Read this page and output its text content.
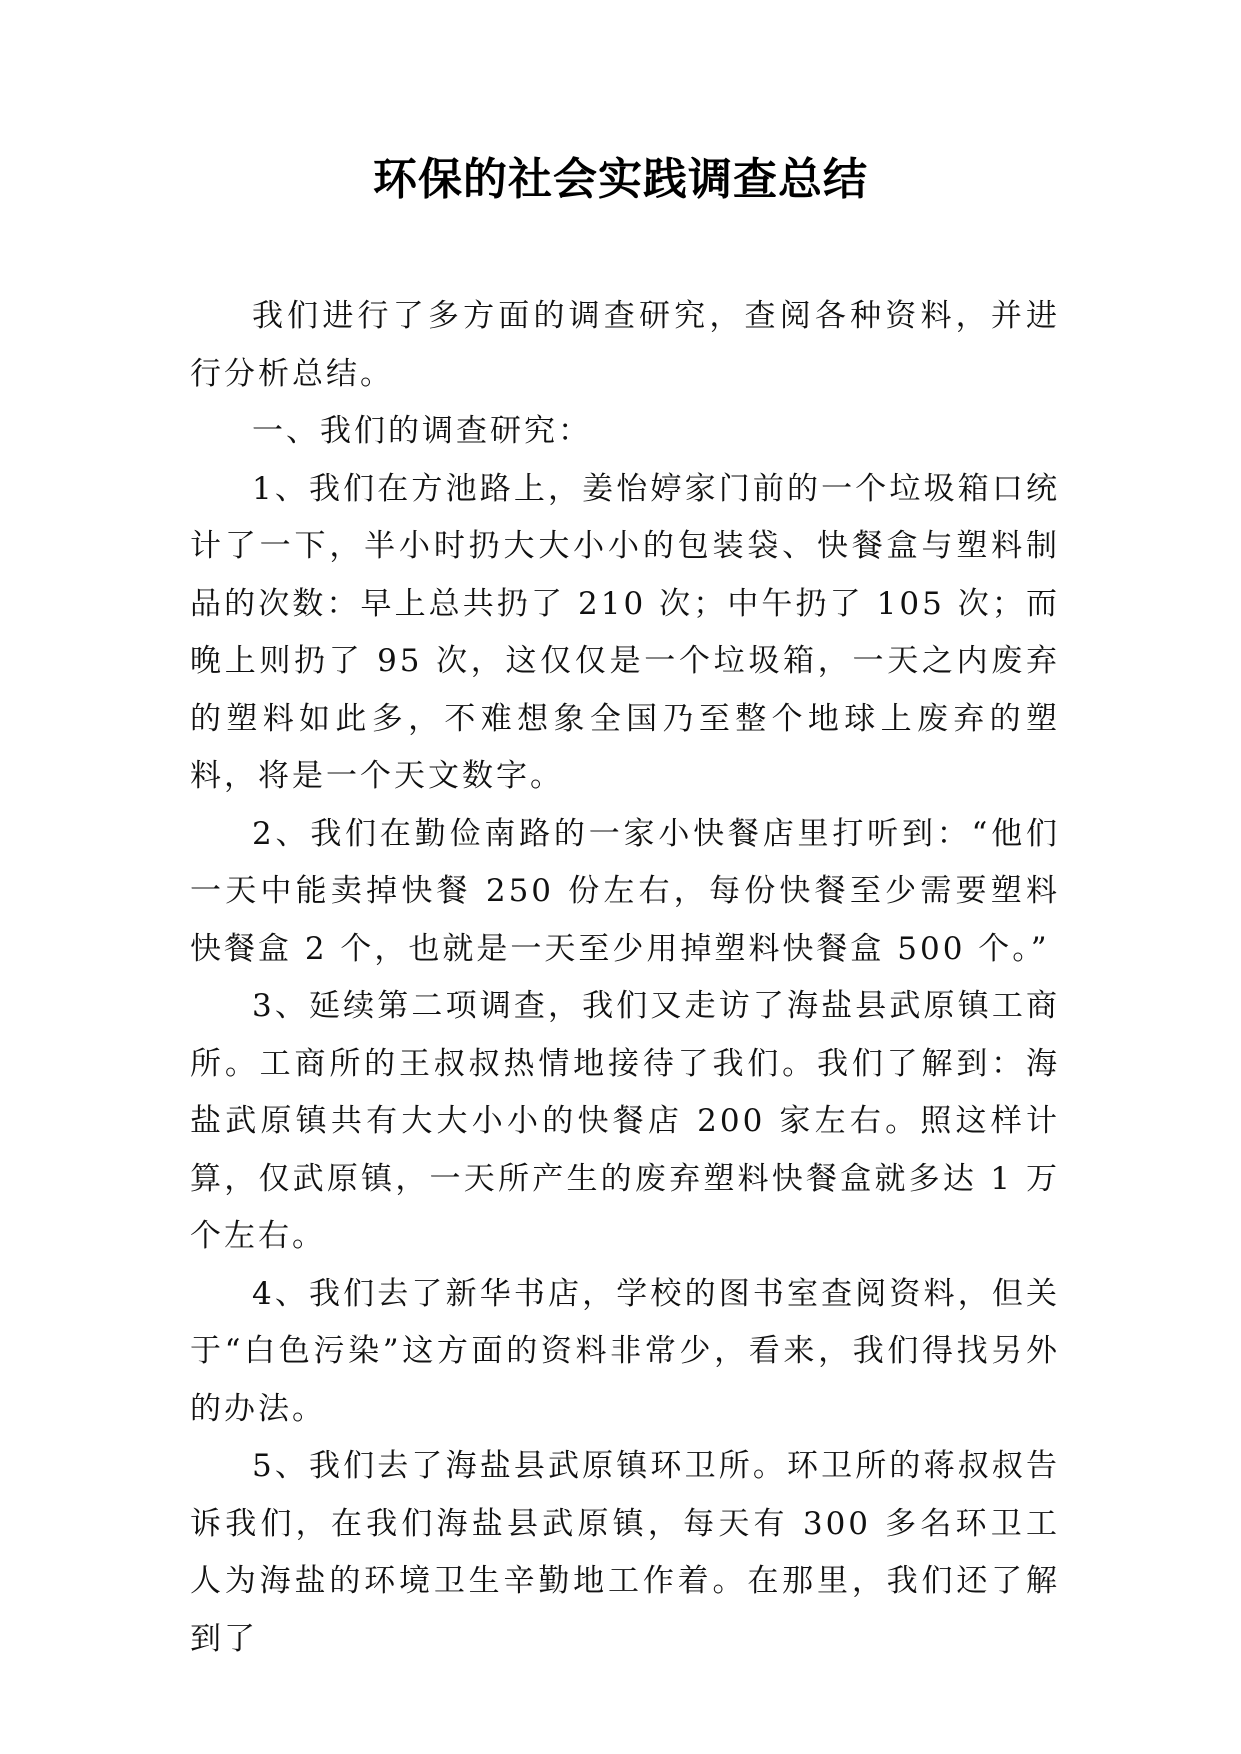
环保的社会实践调查总结

我们进行了多方面的调查研究，查阅各种资料，并进行分析总结。

一、我们的调查研究：

1、我们在方池路上，姜怡婷家门前的一个垃圾箱口统计了一下，半小时扔大大小小的包装袋、快餐盒与塑料制品的次数：早上总共扔了 210 次；中午扔了 105 次；而晚上则扔了 95 次，这仅仅是一个垃圾箱，一天之内废弃的塑料如此多，不难想象全国乃至整个地球上废弃的塑料，将是一个天文数字。

2、我们在勤俭南路的一家小快餐店里打听到：“他们一天中能卖掉快餐 250 份左右，每份快餐至少需要塑料快餐盒 2 个，也就是一天至少用掉塑料快餐盒 500 个。”

3、延续第二项调查，我们又走访了海盐县武原镇工商所。工商所的王叔叔热情地接待了我们。我们了解到：海盐武原镇共有大大小小的快餐店 200 家左右。照这样计算，仅武原镇，一天所产生的废弃塑料快餐盒就多达 1 万个左右。

4、我们去了新华书店，学校的图书室查阅资料，但关于“白色污染”这方面的资料非常少，看来，我们得找另外的办法。

5、我们去了海盐县武原镇环卫所。环卫所的蒋叔叔告诉我们，在我们海盐县武原镇，每天有 300 多名环卫工人为海盐的环境卫生辛勤地工作着。在那里，我们还了解到了
